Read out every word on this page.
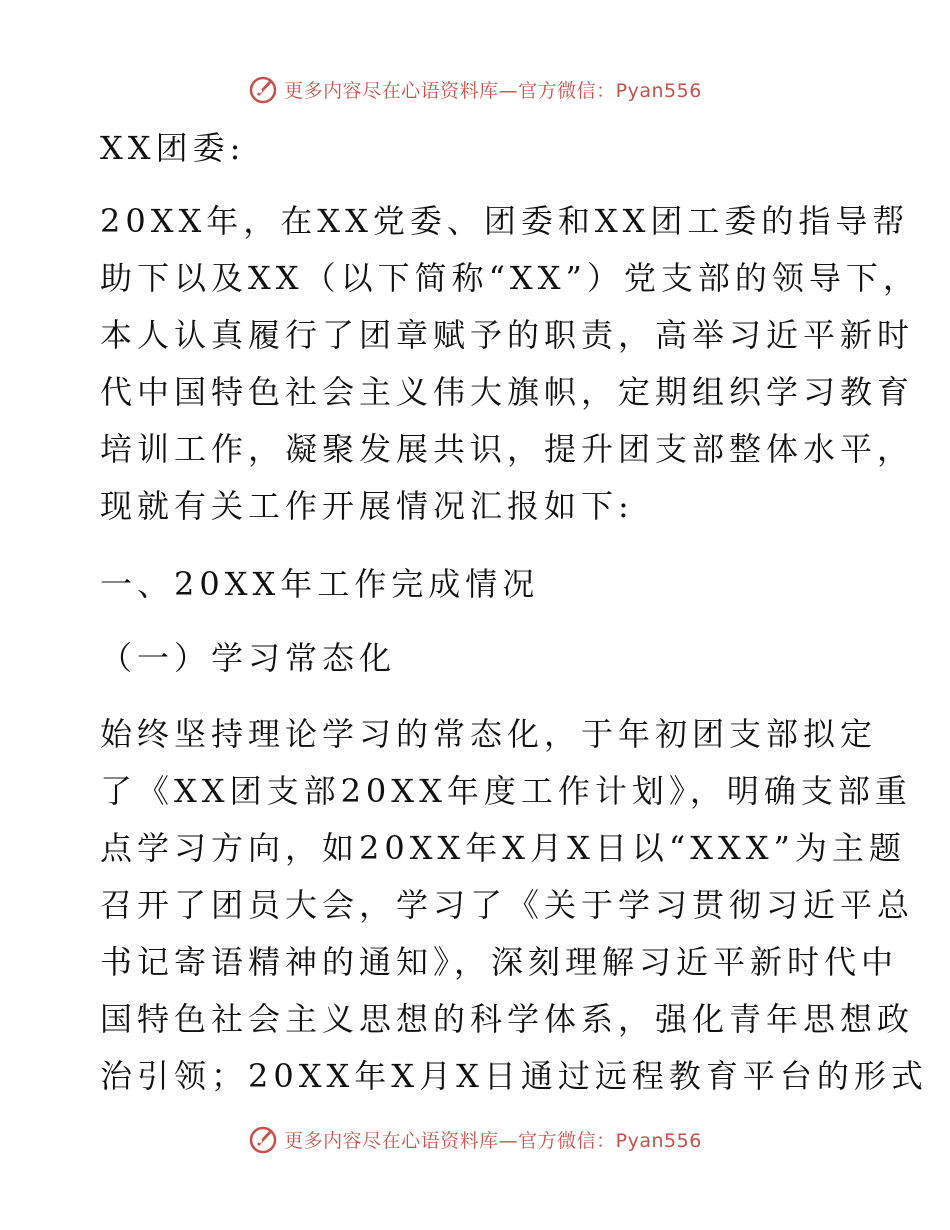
更多内容尽在心语资料库—官方微信：Pyan556
XX团委:
20XX年，在XX党委、团委和XX团工委的指导帮
助下以及XX（以下简称“XX”）党支部的领导下，
本人认真履行了团章赋予的职责，高举习近平新时
代中国特色社会主义伟大旗帜，定期组织学习教育
培训工作，凝聚发展共识，提升团支部整体水平，
现就有关工作开展情况汇报如下:
一、20XX年工作完成情况
（一）学习常态化
始终坚持理论学习的常态化，于年初团支部拟定
了《XX团支部20XX年度工作计划》，明确支部重
点学习方向，如20XX年X月X日以“XXX”为主题
召开了团员大会，学习了《关于学习贯彻习近平总
书记寄语精神的通知》，深刻理解习近平新时代中
国特色社会主义思想的科学体系，强化青年思想政
治引领；20XX年X月X日通过远程教育平台的形式
更多内容尽在心语资料库—官方微信：Pyan556
